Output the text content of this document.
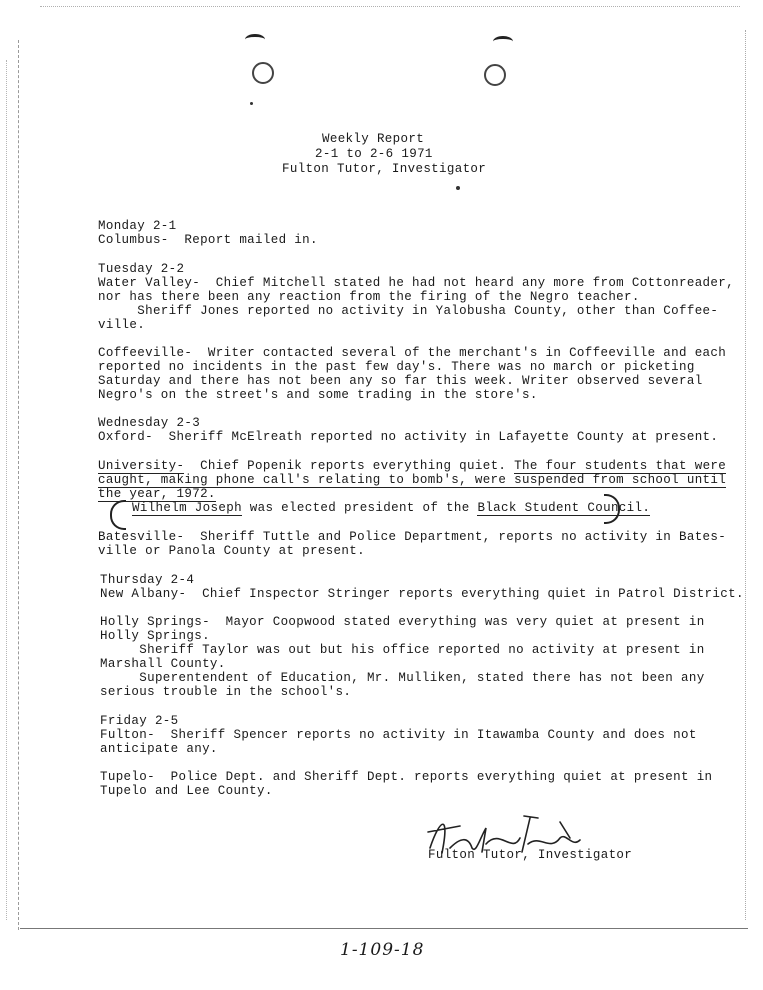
Weekly Report
2-1 to 2-6 1971
Fulton Tutor, Investigator
Monday 2-1
Columbus-  Report mailed in.
Tuesday 2-2
Water Valley-  Chief Mitchell stated he had not heard any more from Cottonreader,
nor has there been any reaction from the firing of the Negro teacher.
Sheriff Jones reported no activity in Yalobusha County, other than Coffee-
ville.
Coffeeville-  Writer contacted several of the merchant's in Coffeeville and each
reported no incidents in the past few day's. There was no march or picketing
Saturday and there has not been any so far this week. Writer observed several
Negro's on the street's and some trading in the store's.
Wednesday 2-3
Oxford-  Sheriff McElreath reported no activity in Lafayette County at present.
University-  Chief Popenik reports everything quiet. The four students that were
caught, making phone call's relating to bomb's, were suspended from school until
the year, 1972.
Wilhelm Joseph was elected president of the Black Student Council.
Batesville-  Sheriff Tuttle and Police Department, reports no activity in Bates-
ville or Panola County at present.
Thursday 2-4
New Albany-  Chief Inspector Stringer reports everything quiet in Patrol District.
Holly Springs-  Mayor Coopwood stated everything was very quiet at present in
Holly Springs.
Sheriff Taylor was out but his office reported no activity at present in
Marshall County.
Superentendent of Education, Mr. Mulliken, stated there has not been any
serious trouble in the school's.
Friday 2-5
Fulton-  Sheriff Spencer reports no activity in Itawamba County and does not
anticipate any.
Tupelo-  Police Dept. and Sheriff Dept. reports everything quiet at present in
Tupelo and Lee County.
Fulton Tutor, Investigator
1-109-18
